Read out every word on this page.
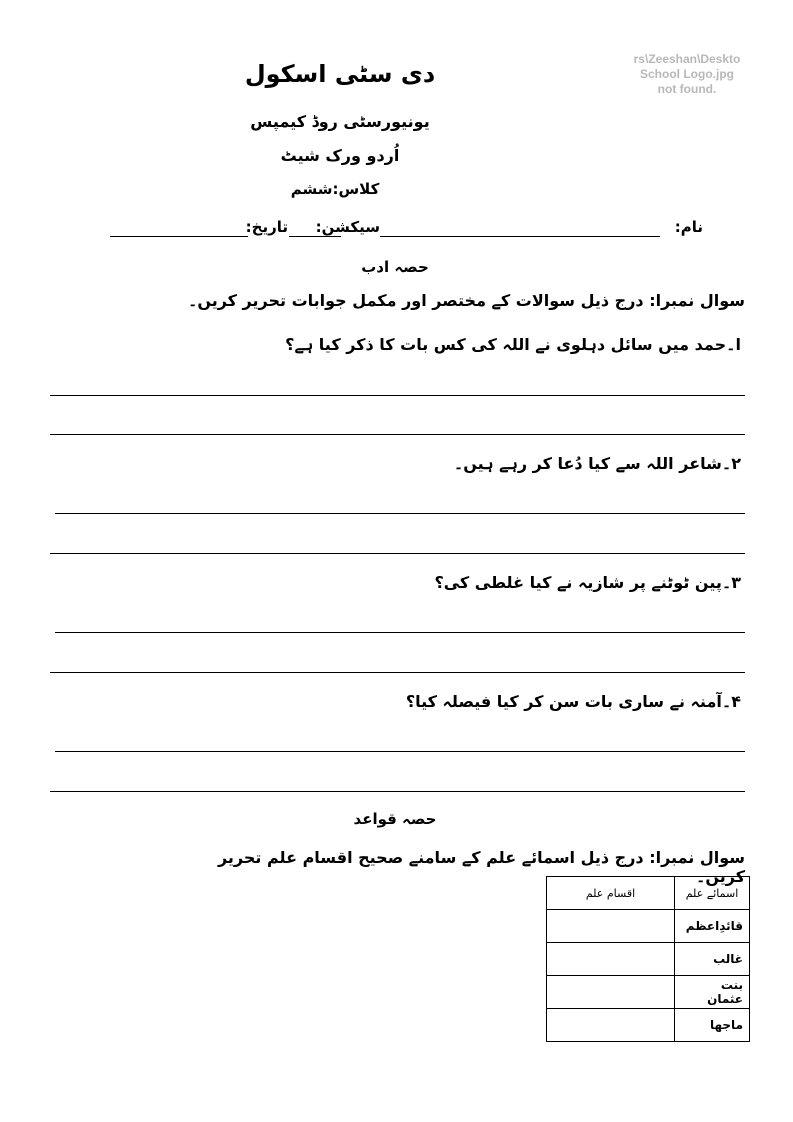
rs\Zeeshan\Deskto
School Logo.jpg
not found.
دی سٹی اسکول
یونیورسٹی روڈ کیمپس
اُردو ورک شیٹ
کلاس:ششم
نام:
سیکشن:
تاریخ:
حصہ ادب
سوال نمبرا: درج ذیل سوالات کے مختصر اور مکمل جوابات تحریر کریں۔
ا۔حمد میں سائل دہلوی نے اللہ کی کس بات کا ذکر کیا ہے؟
۲۔شاعر اللہ سے کیا دُعا کر رہے ہیں۔
۳۔پین ٹوٹنے پر شازیہ نے کیا غلطی کی؟
۴۔آمنہ نے ساری بات سن کر کیا فیصلہ کیا؟
حصہ قواعد
سوال نمبرا: درج ذیل اسمائے علم کے سامنے صحیح اقسام علم تحریر کریں۔
اسمائے علم	اقسام علم
قائدِاعظم	
غالب	
بنت عثمان	
ماجھا	
